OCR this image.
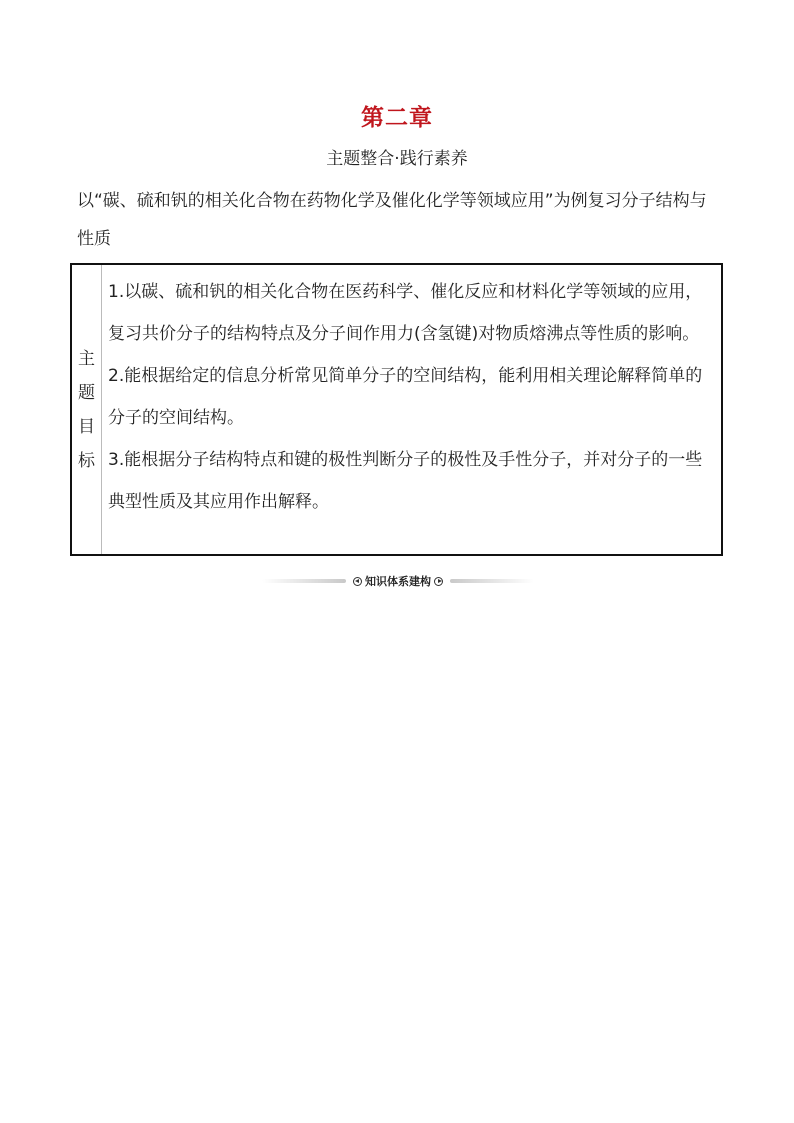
第二章
主题整合·践行素养
以“碳、硫和钒的相关化合物在药物化学及催化化学等领域应用”为例复习分子结构与性质
主
题
目
标
1.以碳、硫和钒的相关化合物在医药科学、催化反应和材料化学等领域的应用，复习共价分子的结构特点及分子间作用力(含氢键)对物质熔沸点等性质的影响。
2.能根据给定的信息分析常见简单分子的空间结构，能利用相关理论解释简单的分子的空间结构。
3.能根据分子结构特点和键的极性判断分子的极性及手性分子，并对分子的一些典型性质及其应用作出解释。
知识体系建构
